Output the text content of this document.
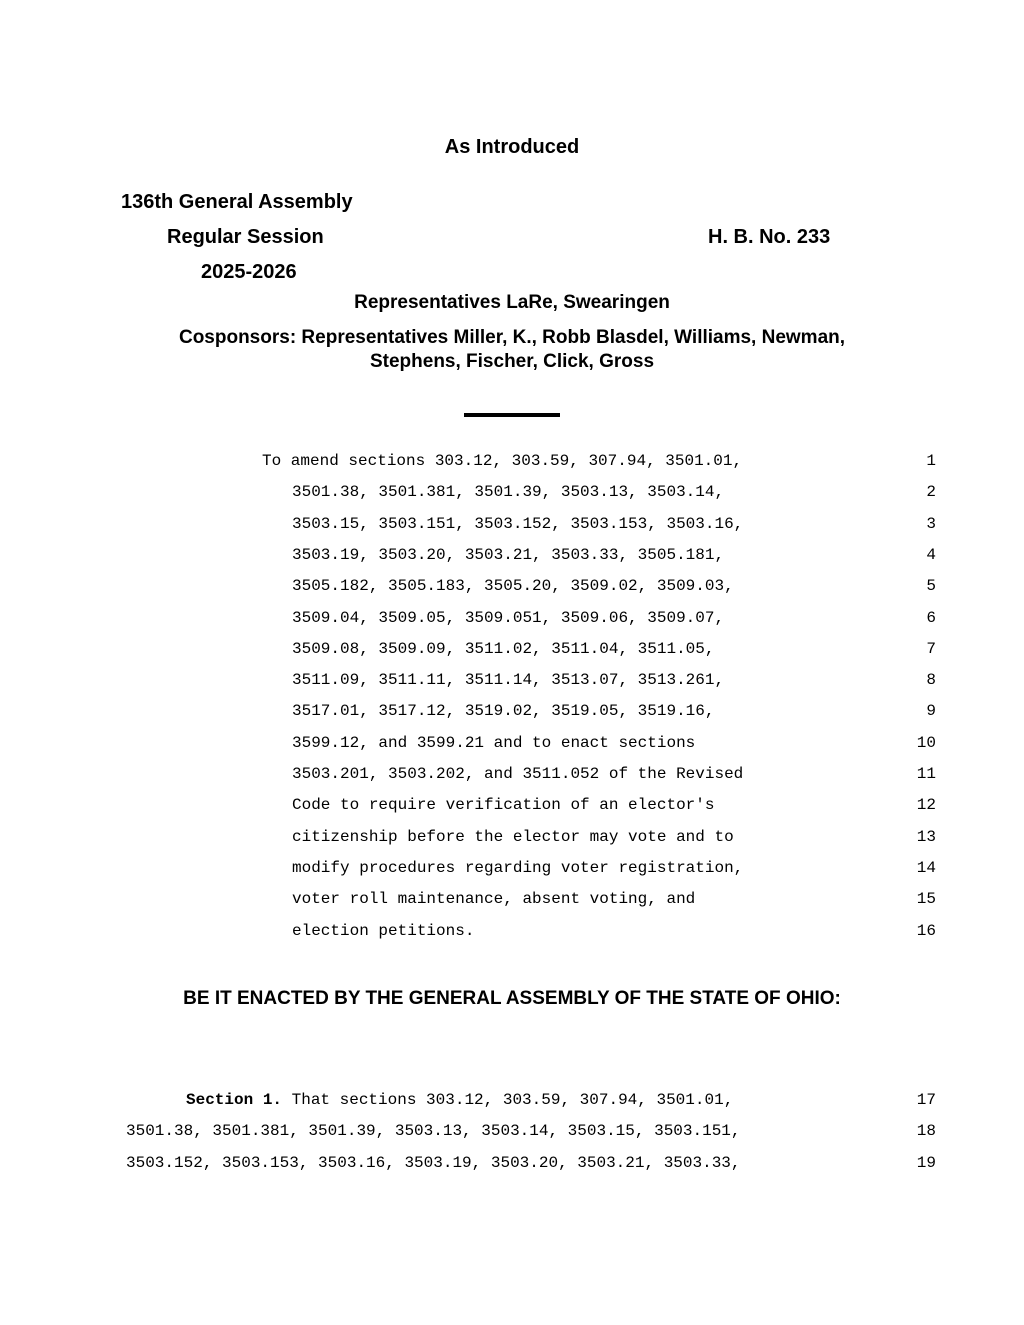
As Introduced
136th General Assembly
Regular Session	H. B. No. 233
2025-2026
Representatives LaRe, Swearingen
Cosponsors: Representatives Miller, K., Robb Blasdel, Williams, Newman,
Stephens, Fischer, Click, Gross
To amend sections 303.12, 303.59, 307.94, 3501.01,	1
3501.38, 3501.381, 3501.39, 3503.13, 3503.14,	2
3503.15, 3503.151, 3503.152, 3503.153, 3503.16,	3
3503.19, 3503.20, 3503.21, 3503.33, 3505.181,	4
3505.182, 3505.183, 3505.20, 3509.02, 3509.03,	5
3509.04, 3509.05, 3509.051, 3509.06, 3509.07,	6
3509.08, 3509.09, 3511.02, 3511.04, 3511.05,	7
3511.09, 3511.11, 3511.14, 3513.07, 3513.261,	8
3517.01, 3517.12, 3519.02, 3519.05, 3519.16,	9
3599.12, and 3599.21 and to enact sections	10
3503.201, 3503.202, and 3511.052 of the Revised	11
Code to require verification of an elector's	12
citizenship before the elector may vote and to	13
modify procedures regarding voter registration,	14
voter roll maintenance, absent voting, and	15
election petitions.	16
BE IT ENACTED BY THE GENERAL ASSEMBLY OF THE STATE OF OHIO:
Section 1. That sections 303.12, 303.59, 307.94, 3501.01,	17
3501.38, 3501.381, 3501.39, 3503.13, 3503.14, 3503.15, 3503.151,	18
3503.152, 3503.153, 3503.16, 3503.19, 3503.20, 3503.21, 3503.33,	19
